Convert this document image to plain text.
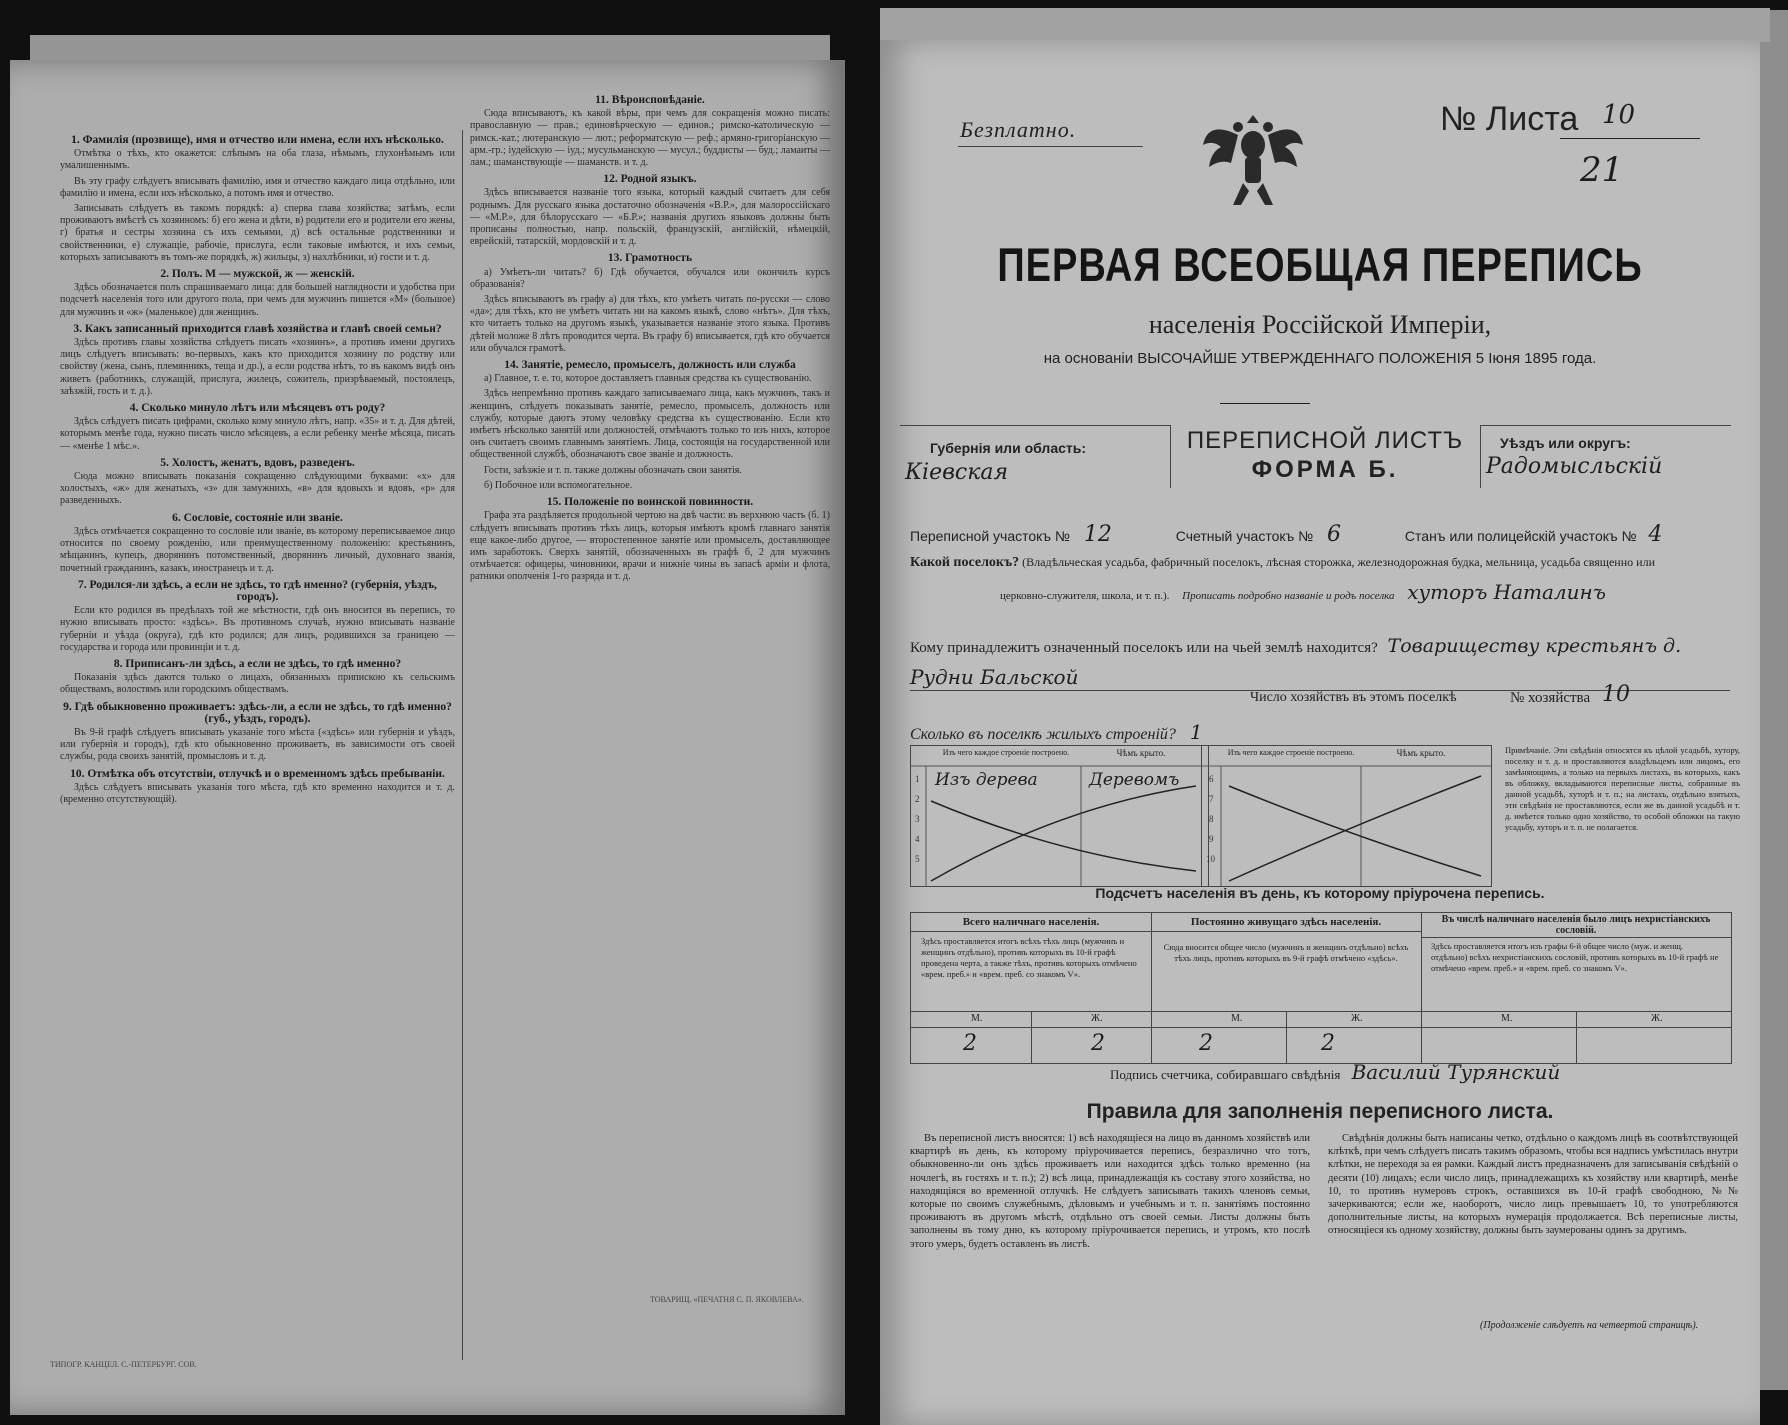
1. Фамилія (прозвище), имя и отчество или имена, если ихъ нѣсколько.

Отмѣтка о тѣхъ, кто окажется: слѣпымъ на оба глаза, нѣмымъ, глухонѣмымъ или умалишеннымъ.

Въ эту графу слѣдуетъ вписывать фамилію, имя и отчество каждаго лица отдѣльно, или фамилію и имена, если ихъ нѣсколько, а потомъ имя и отчество.

Записывать слѣдуетъ въ такомъ порядкѣ: а) сперва глава хозяйства; затѣмъ, если проживаютъ вмѣстѣ съ хозяиномъ: б) его жена и дѣти, в) родители его и родители его жены, г) братья и сестры хозяина съ ихъ семьями, д) всѣ остальные родственники и свойственники, е) служащіе, рабочіе, прислуга, если таковые имѣются, и ихъ семьи, которыхъ записываютъ въ томъ-же порядкѣ, ж) жильцы, з) нахлѣбники, и) гости и т. д.

2. Полъ. М — мужской, ж — женскій.

Здѣсь обозначается полъ спрашиваемаго лица: для большей наглядности и удобства при подсчетѣ населенія того или другого пола, при чемъ для мужчинъ пишется «М» (большое) для мужчинъ и «ж» (маленькое) для женщинъ.

3. Какъ записанный приходится главѣ хозяйства и главѣ своей семьи?

Здѣсь противъ главы хозяйства слѣдуетъ писать «хозяинъ», а противъ имени другихъ лицъ слѣдуетъ вписывать: во-первыхъ, какъ кто приходится хозяину по родству или свойству (жена, сынъ, племянникъ, теща и др.), а если родства нѣтъ, то въ какомъ видѣ онъ живетъ (работникъ, служащій, прислуга, жилецъ, сожитель, призрѣваемый, постоялецъ, заѣзжій, гость и т. д.).

4. Сколько минуло лѣтъ или мѣсяцевъ отъ роду?

Здѣсь слѣдуетъ писать цифрами, сколько кому минуло лѣтъ, напр. «35» и т. д. Для дѣтей, которымъ менѣе года, нужно писать число мѣсяцевъ, а если ребенку менѣе мѣсяца, писать — «менѣе 1 мѣс.».

5. Холостъ, женатъ, вдовъ, разведенъ.

Сюда можно вписывать показанія сокращенно слѣдующими буквами: «х» для холостыхъ, «ж» для женатыхъ, «з» для замужнихъ, «в» для вдовыхъ и вдовъ, «р» для разведенныхъ.

6. Сословіе, состояніе или званіе.

Здѣсь отмѣчается сокращенно то сословіе или званіе, въ которому переписываемое лицо относится по своему рожденію, или преимущественному положенію: крестьянинъ, мѣщанинъ, купецъ, дворянинъ потомственный, дворянинъ личный, духовнаго званія, почетный гражданинъ, казакъ, иностранецъ и т. д.

7. Родился-ли здѣсь, а если не здѣсь, то гдѣ именно? (губернія, уѣздъ, городъ).

Если кто родился въ предѣлахъ той же мѣстности, гдѣ онъ вносится въ перепись, то нужно вписывать просто: «здѣсь». Въ противномъ случаѣ, нужно вписывать названіе губерніи и уѣзда (округа), гдѣ кто родился; для лицъ, родившихся за границею — государства и города или провинціи и т. д.

8. Приписанъ-ли здѣсь, а если не здѣсь, то гдѣ именно?

Показанія здѣсь даются только о лицахъ, обязанныхъ припискою къ сельскимъ обществамъ, волостямъ или городскимъ обществамъ.

9. Гдѣ обыкновенно проживаетъ: здѣсь-ли, а если не здѣсь, то гдѣ именно? (губ., уѣздъ, городъ).

Въ 9-й графѣ слѣдуетъ вписывать указаніе того мѣста («здѣсь» или губернія и уѣздъ, или губернія и городъ), гдѣ кто обыкновенно проживаетъ, въ зависимости отъ своей службы, рода своихъ занятій, промысловъ и т. д.

10. Отмѣтка объ отсутствіи, отлучкѣ и о временномъ здѣсь пребываніи.

Здѣсь слѣдуетъ вписывать указанія того мѣста, гдѣ кто временно находится и т. д. (временно отсутствующій).

11. Вѣроисповѣданіе.

Сюда вписываютъ, къ какой вѣры, при чемъ для сокращенія можно писать: православную — прав.; единовѣрческую — единов.; римско-католическую — римск.-кат.; лютеранскую — лют.; реформатскую — реф.; армяно-григоріанскую — арм.-гр.; іудейскую — іуд.; мусульманскую — мусул.; буддисты — буд.; ламаиты — лам.; шаманствующіе — шаманств. и т. д.

12. Родной языкъ.

Здѣсь вписывается названіе того языка, который каждый считаетъ для себя роднымъ. Для русскаго языка достаточно обозначенія «В.Р.», для малороссійскаго — «М.Р.», для бѣлорусскаго — «Б.Р.»; названія другихъ языковъ должны быть прописаны полностью, напр. польскій, французскій, англійскій, нѣмецкій, еврейскій, татарскій, мордовскій и т. д.

13. Грамотность

а) Умѣетъ-ли читать? б) Гдѣ обучается, обучался или окончилъ курсъ образованія?

Здѣсь вписываютъ въ графу а) для тѣхъ, кто умѣетъ читать по-русски — слово «да»; для тѣхъ, кто не умѣетъ читать ни на какомъ языкѣ, слово «нѣтъ». Для тѣхъ, кто читаетъ только на другомъ языкѣ, указывается названіе этого языка. Противъ дѣтей моложе 8 лѣтъ проводится черта. Въ графу б) вписывается, гдѣ кто обучается или обучался грамотѣ.

14. Занятіе, ремесло, промыселъ, должность или служба

а) Главное, т. е. то, которое доставляетъ главныя средства къ существованію.

Здѣсь непремѣнно противъ каждаго записываемаго лица, какъ мужчинъ, такъ и женщинъ, слѣдуетъ показывать занятіе, ремесло, промыселъ, должность или службу, которые даютъ этому человѣку средства къ существованію. Если кто имѣетъ нѣсколько занятій или должностей, отмѣчаютъ только то изъ нихъ, которое онъ считаетъ своимъ главнымъ занятіемъ. Лица, состоящія на государственной или общественной службѣ, обозначаютъ свое званіе и должность.

Гости, заѣзжіе и т. п. также должны обозначать свои занятія.

б) Побочное или вспомогательное.

15. Положеніе по воинской повинности.

Графа эта раздѣляется продольной чертою на двѣ части: въ верхнюю часть (б. 1) слѣдуетъ вписывать противъ тѣхъ лицъ, которыя имѣютъ кромѣ главнаго занятія еще какое-либо другое, — второстепенное занятіе или промыселъ, доставляющее имъ заработокъ. Сверхъ занятій, обозначенныхъ въ графѣ б, 2 для мужчинъ отмѣчается: офицеры, чиновники, врачи и нижніе чины въ запасѣ армiи и флота, ратники ополченія 1-го разряда и т. д.

ТИПОГР. КАНЦЕЛ. С.-ПЕТЕРБУРГ. СОВ.
ТОВАРИЩ. «ПЕЧАТНЯ С. П. ЯКОВЛЕВА».
Безплатно.	№ Листа 10
21
ПЕРВАЯ ВСЕОБЩАЯ ПЕРЕПИСЬ
населенія Россійской Имперіи,
на основаніи ВЫСОЧАЙШЕ УТВЕРЖДЕННАГО ПОЛОЖЕНІЯ 5 Іюня 1895 года.
Губернія или область:
Кіевская
ПЕРЕПИСНОЙ ЛИСТЪ
ФОРМА Б.
Уѣздъ или округъ:
Радомысльскій
Переписной участокъ № 12	Счетный участокъ № 6	Станъ или полицейскій участокъ № 4
Какой поселокъ? (Владѣльческая усадьба, фабричный поселокъ, лѣсная сторожка, железнодорожная будка, мельница, усадьба священно или
церковно-служителя, школа, и т. п.). Прописать подробно названіе и родъ поселка хуторъ Наталинъ
Кому принадлежитъ означенный поселокъ или на чьей землѣ находится? Товариществу крестьянъ д.
Рудни Бальской
Число хозяйствъ въ этомъ поселкѣ	№ хозяйства 10
Сколько въ поселкѣ жилыхъ строеній? 1
Изъ чего каждое строеніе построено.	Чѣмъ крыто.	Изъ чего каждое строеніе построено.	Чѣмъ крыто.
1
2
3
4
5
6
7
8
9
10
Изъ дерева	Деревомъ
Примѣчаніе. Эти свѣдѣнія относятся къ цѣлой усадьбѣ, хутору, поселку и т. д. и проставляются владѣльцемъ или лицомъ, его замѣняющимъ, а только на первыхъ листахъ, въ которыхъ, какъ въ обложку, вкладываются переписные листы, собранные въ данной усадьбѣ, хуторѣ и т. п.; на листахъ, отдѣльно взятыхъ, эти свѣдѣнія не проставляются, если же въ данной усадьбѣ и т. д. имѣется только одно хозяйство, то особой обложки на такую усадьбу, хуторъ и т. п. не полагается.
Подсчетъ населенія въ день, къ которому пріурочена перепись.
Всего наличнаго населенія.
Здѣсь проставляется итогъ всѣхъ тѣхъ лицъ (мужчинъ и женщинъ отдѣльно), противъ которыхъ въ 10-й графѣ проведена черта, а также тѣхъ, противъ которыхъ отмѣчено «врем. преб.» и «врем. преб. со знакомъ V».
Постоянно живущаго здѣсь населенія.
Сюда вносится общее число (мужчинъ и женщинъ отдѣльно) всѣхъ тѣхъ лицъ, противъ которыхъ въ 9-й графѣ отмѣчено «здѣсь».
Въ числѣ наличнаго населенія было лицъ нехристіанскихъ сословій.
Здѣсь проставляется итогъ изъ графы 6-й общее число (муж. и женщ. отдѣльно) всѣхъ нехристіанскихъ сословій, противъ которыхъ въ 10-й графѣ не отмѣчено «врем. преб.» и «врем. преб. со знакомъ V».
М.	Ж.	М.	Ж.	М.	Ж.
2	2	2	2
Подпись счетчика, собиравшаго свѣдѣнія Василий Турянский
Правила для заполненія переписного листа.
Въ переписной листъ вносятся: 1) всѣ находящіеся на лицо въ данномъ хозяйствѣ или квартирѣ въ день, къ которому пріурочивается перепись, безразлично что тотъ, обыкновенно-ли онъ здѣсь проживаетъ или находится здѣсь только временно (на ночлегѣ, въ гостяхъ и т. п.); 2) всѣ лица, принадлежащія къ составу этого хозяйства, но находящіяся во временной отлучкѣ. Не слѣдуетъ записывать такихъ членовъ семьи, которые по своимъ служебнымъ, дѣловымъ и учебнымъ и т. п. занятіямъ постоянно проживаютъ въ другомъ мѣстѣ, отдѣльно отъ своей семьи. Листы должны быть заполнены въ тому дню, къ которому пріурочивается перепись, и утромъ, кто послѣ этого умеръ, будетъ оставленъ въ листѣ.
Свѣдѣнія должны быть написаны четко, отдѣльно о каждомъ лицѣ въ соотвѣтствующей клѣткѣ, при чемъ слѣдуетъ писать такимъ образомъ, чтобы вся надпись умѣстилась внутри клѣтки, не переходя за ея рамки. Каждый листъ предназначенъ для записыванія свѣдѣній о десяти (10) лицахъ; если число лицъ, принадлежащихъ къ хозяйству или квартирѣ, менѣе 10, то противъ нумеровъ строкъ, оставшихся въ 10-й графѣ свободною, №№ зачеркиваются; если же, наоборотъ, число лицъ превышаетъ 10, то употребляются дополнительные листы, на которыхъ нумерація продолжается. Всѣ переписные листы, относящіеся къ одному хозяйству, должны быть заумерованы одинъ за другимъ.
(Продолженіе слѣдуетъ на четвертой страницѣ).
